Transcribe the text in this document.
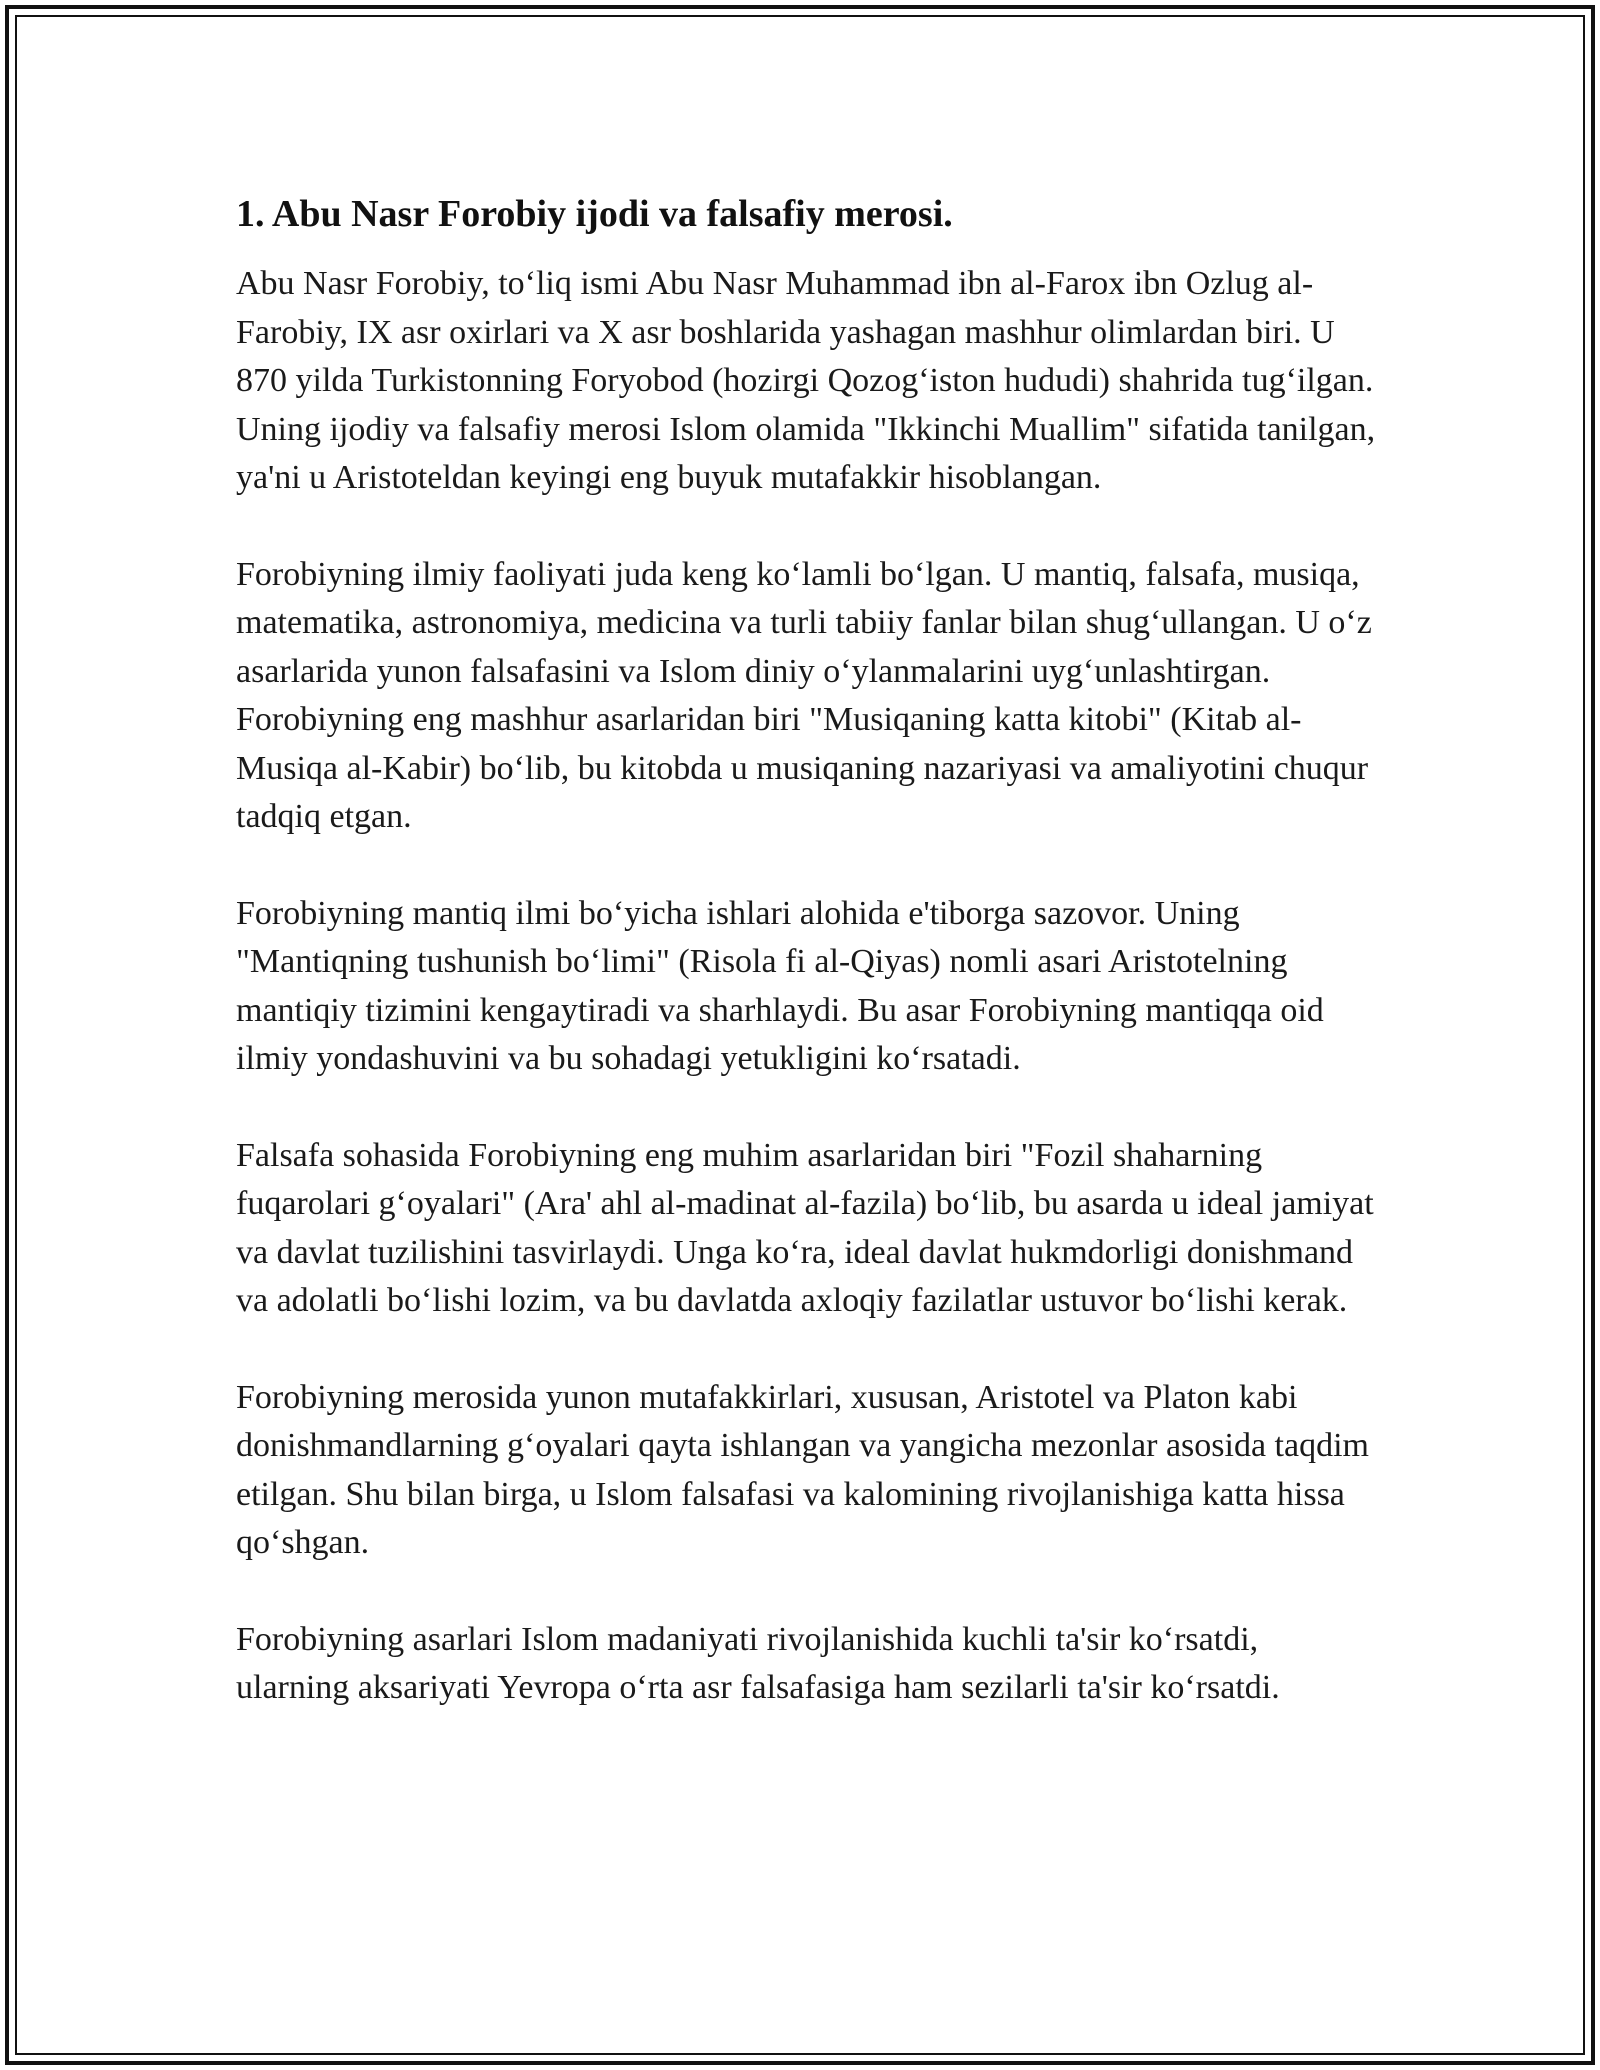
1. Abu Nasr Forobiy ijodi va falsafiy merosi.

Abu Nasr Forobiy, to‘liq ismi Abu Nasr Muhammad ibn al-Farox ibn Ozlug al-Farobiy, IX asr oxirlari va X asr boshlarida yashagan mashhur olimlardan biri. U 870 yilda Turkistonning Foryobod (hozirgi Qozog‘iston hududi) shahrida tug‘ilgan. Uning ijodiy va falsafiy merosi Islom olamida "Ikkinchi Muallim" sifatida tanilgan, ya'ni u Aristoteldan keyingi eng buyuk mutafakkir hisoblangan.

Forobiyning ilmiy faoliyati juda keng ko‘lamli bo‘lgan. U mantiq, falsafa, musiqa, matematika, astronomiya, medicina va turli tabiiy fanlar bilan shug‘ullangan. U o‘z asarlarida yunon falsafasini va Islom diniy o‘ylanmalarini uyg‘unlashtirgan. Forobiyning eng mashhur asarlaridan biri "Musiqaning katta kitobi" (Kitab al-Musiqa al-Kabir) bo‘lib, bu kitobda u musiqaning nazariyasi va amaliyotini chuqur tadqiq etgan.

Forobiyning mantiq ilmi bo‘yicha ishlari alohida e'tiborga sazovor. Uning "Mantiqning tushunish bo‘limi" (Risola fi al-Qiyas) nomli asari Aristotelning mantiqiy tizimini kengaytiradi va sharhlaydi. Bu asar Forobiyning mantiqqa oid ilmiy yondashuvini va bu sohadagi yetukligini ko‘rsatadi.

Falsafa sohasida Forobiyning eng muhim asarlaridan biri "Fozil shaharning fuqarolari g‘oyalari" (Ara' ahl al-madinat al-fazila) bo‘lib, bu asarda u ideal jamiyat va davlat tuzilishini tasvirlaydi. Unga ko‘ra, ideal davlat hukmdorligi donishmand va adolatli bo‘lishi lozim, va bu davlatda axloqiy fazilatlar ustuvor bo‘lishi kerak.

Forobiyning merosida yunon mutafakkirlari, xususan, Aristotel va Platon kabi donishmandlarning g‘oyalari qayta ishlangan va yangicha mezonlar asosida taqdim etilgan. Shu bilan birga, u Islom falsafasi va kalomining rivojlanishiga katta hissa qo‘shgan.

Forobiyning asarlari Islom madaniyati rivojlanishida kuchli ta'sir ko‘rsatdi, ularning aksariyati Yevropa o‘rta asr falsafasiga ham sezilarli ta'sir ko‘rsatdi.
